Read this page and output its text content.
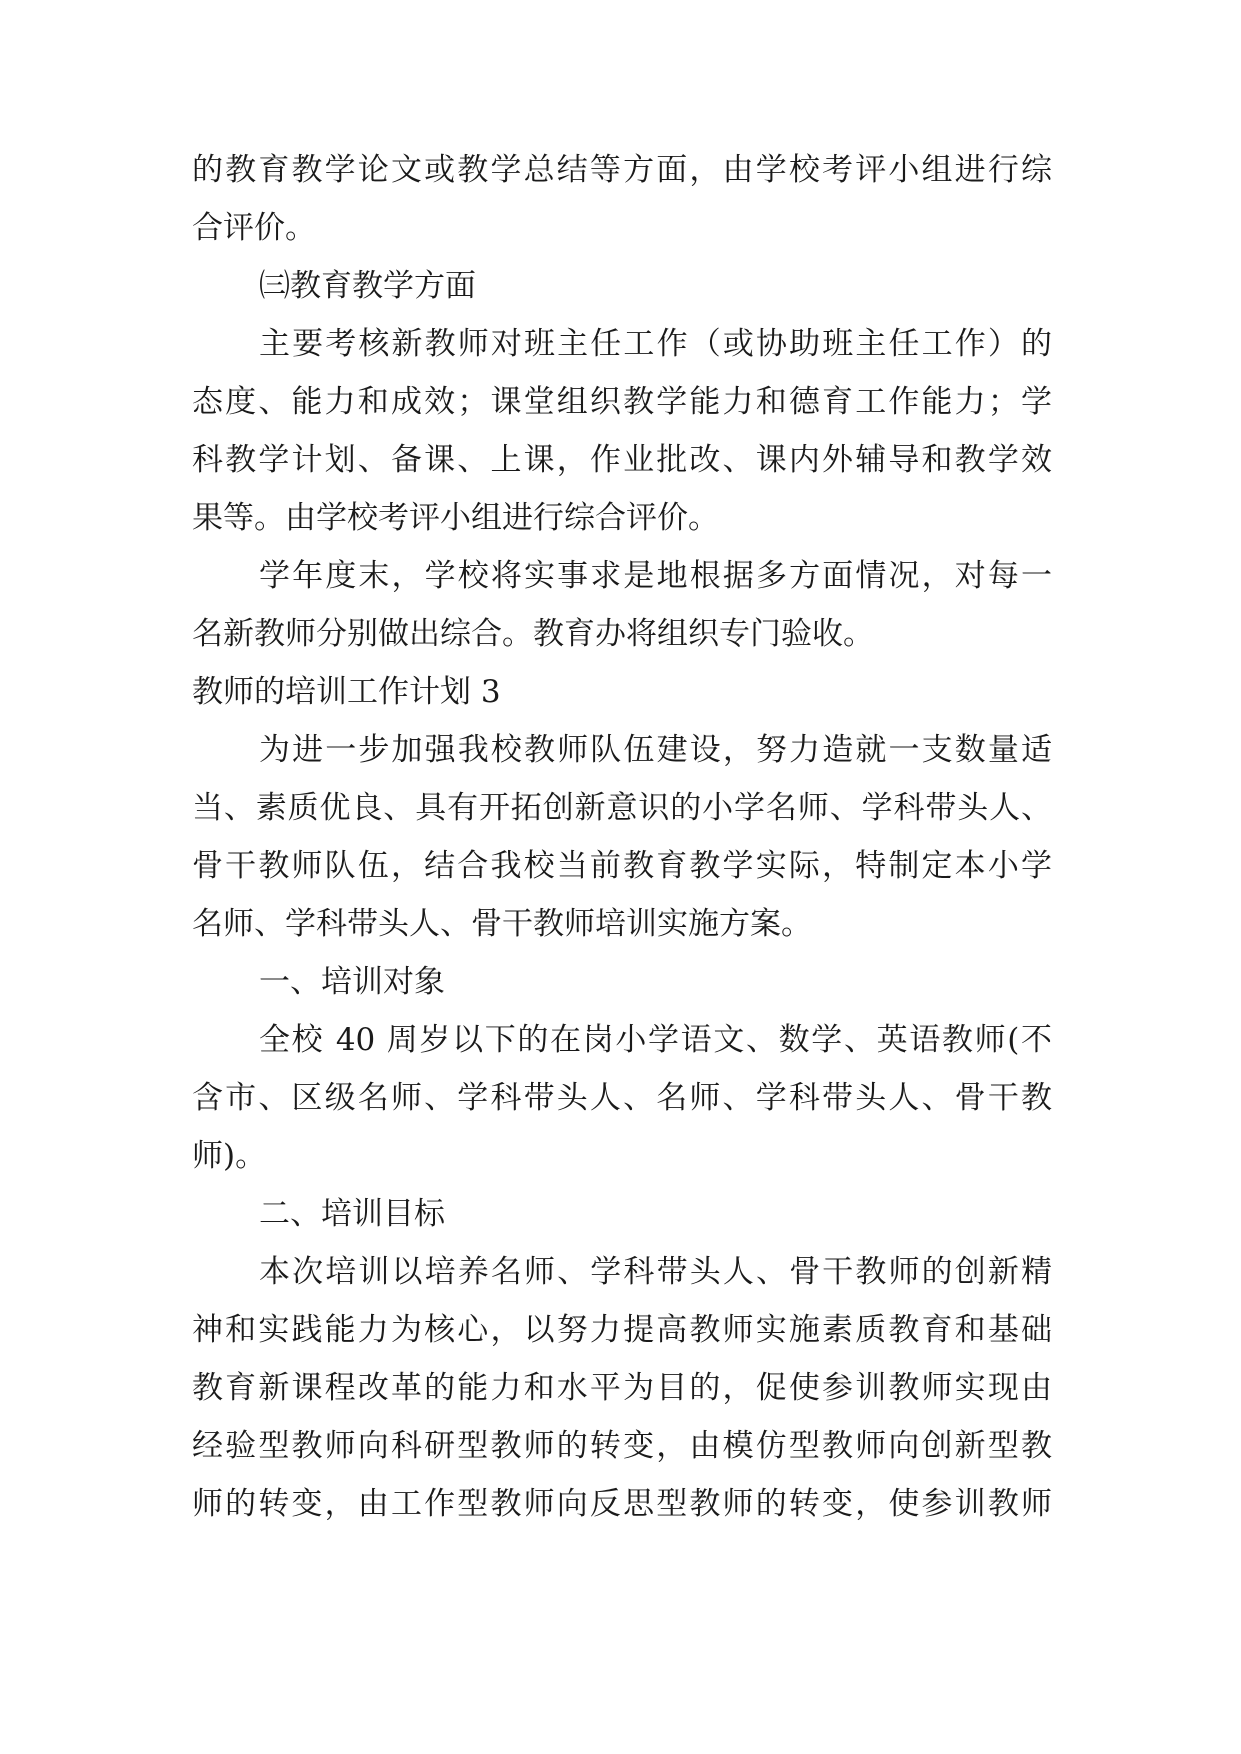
的教育教学论文或教学总结等方面，由学校考评小组进行综
合评价。
㈢教育教学方面
主要考核新教师对班主任工作（或协助班主任工作）的
态度、能力和成效；课堂组织教学能力和德育工作能力；学
科教学计划、备课、上课，作业批改、课内外辅导和教学效
果等。由学校考评小组进行综合评价。
学年度末，学校将实事求是地根据多方面情况，对每一
名新教师分别做出综合。教育办将组织专门验收。
教师的培训工作计划 3
为进一步加强我校教师队伍建设，努力造就一支数量适
当、素质优良、具有开拓创新意识的小学名师、学科带头人、
骨干教师队伍，结合我校当前教育教学实际，特制定本小学
名师、学科带头人、骨干教师培训实施方案。
一、培训对象
全校 40 周岁以下的在岗小学语文、数学、英语教师(不
含市、区级名师、学科带头人、名师、学科带头人、骨干教
师)。
二、培训目标
本次培训以培养名师、学科带头人、骨干教师的创新精
神和实践能力为核心，以努力提高教师实施素质教育和基础
教育新课程改革的能力和水平为目的，促使参训教师实现由
经验型教师向科研型教师的转变，由模仿型教师向创新型教
师的转变，由工作型教师向反思型教师的转变，使参训教师
